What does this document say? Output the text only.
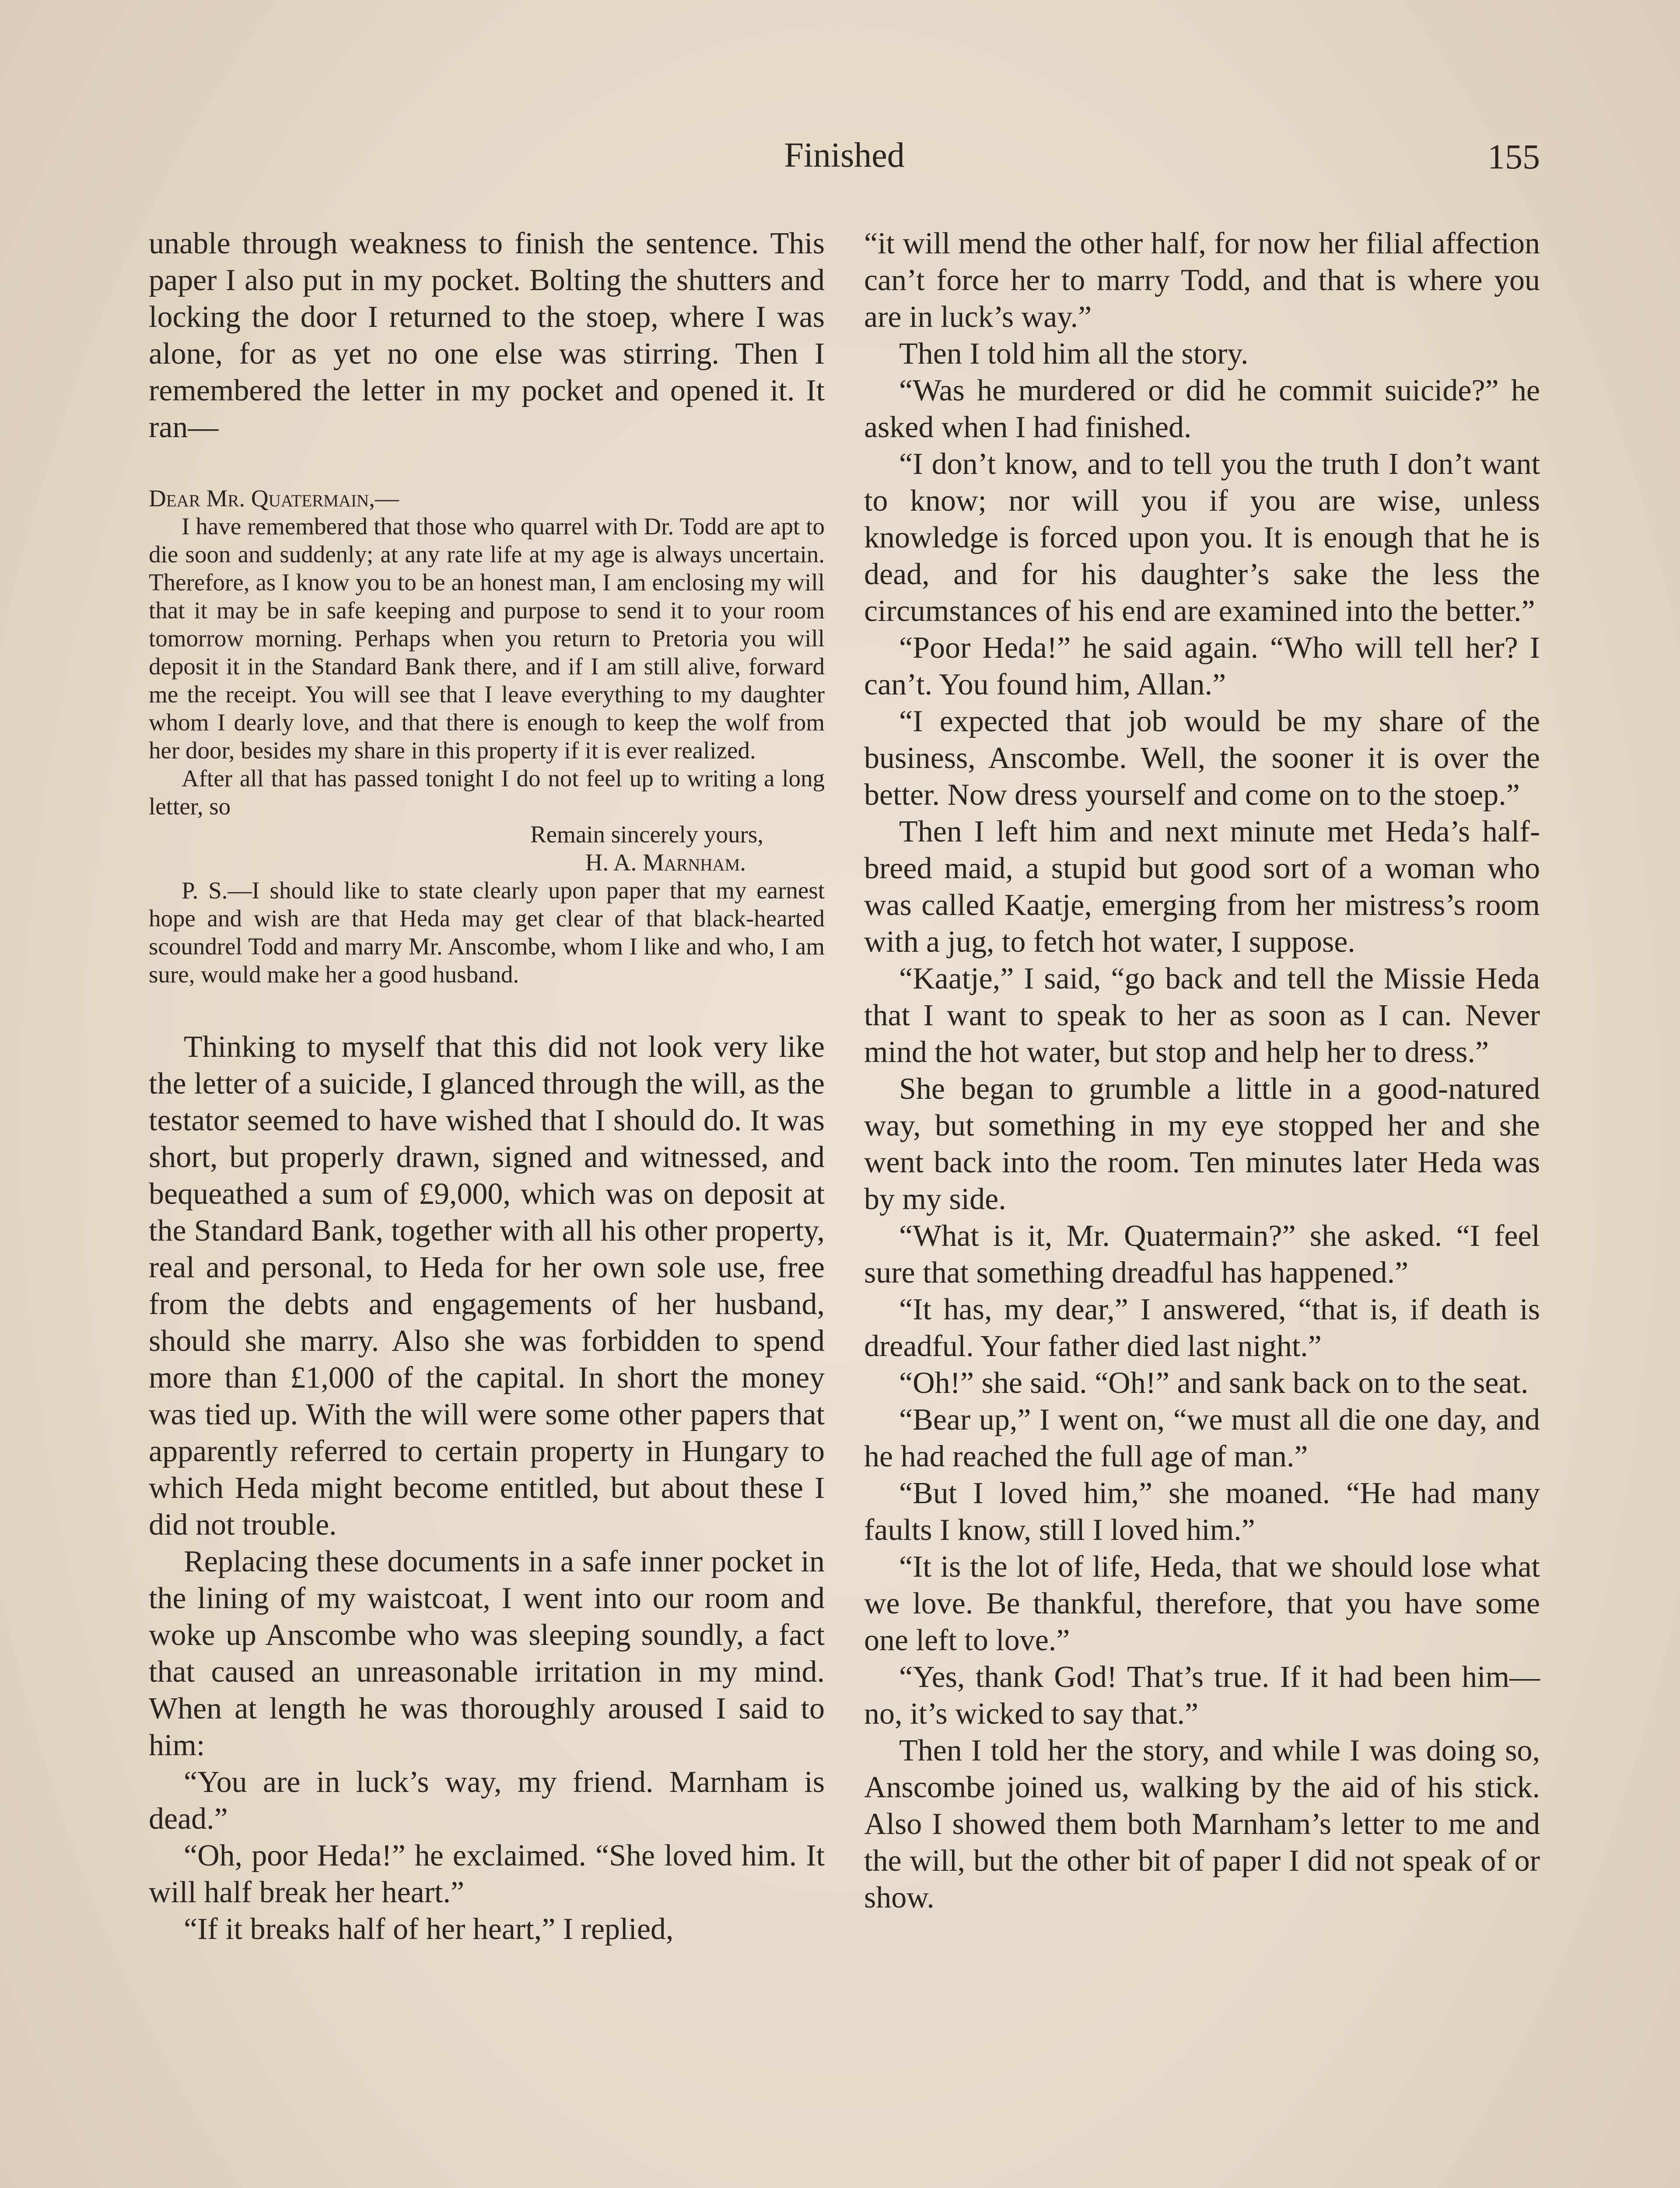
Finished	155

unable through weakness to finish the sentence. This paper I also put in my pocket. Bolting the shutters and locking the door I returned to the stoep, where I was alone, for as yet no one else was stirring. Then I remembered the letter in my pocket and opened it. It ran—

Dear Mr. Quatermain,—

I have remembered that those who quarrel with Dr. Todd are apt to die soon and suddenly; at any rate life at my age is always uncertain. Therefore, as I know you to be an honest man, I am enclosing my will that it may be in safe keeping and purpose to send it to your room tomorrow morning. Perhaps when you return to Pretoria you will deposit it in the Standard Bank there, and if I am still alive, forward me the receipt. You will see that I leave everything to my daughter whom I dearly love, and that there is enough to keep the wolf from her door, besides my share in this property if it is ever realized.

After all that has passed tonight I do not feel up to writing a long letter, so

Remain sincerely yours,

H. A. Marnham.

P. S.—I should like to state clearly upon paper that my earnest hope and wish are that Heda may get clear of that black-hearted scoundrel Todd and marry Mr. Anscombe, whom I like and who, I am sure, would make her a good husband.

Thinking to myself that this did not look very like the letter of a suicide, I glanced through the will, as the testator seemed to have wished that I should do. It was short, but properly drawn, signed and witnessed, and bequeathed a sum of £9,000, which was on deposit at the Standard Bank, together with all his other property, real and personal, to Heda for her own sole use, free from the debts and engagements of her husband, should she marry. Also she was forbidden to spend more than £1,000 of the capital. In short the money was tied up. With the will were some other papers that apparently referred to certain property in Hungary to which Heda might become entitled, but about these I did not trouble.

Replacing these documents in a safe inner pocket in the lining of my waistcoat, I went into our room and woke up Anscombe who was sleeping soundly, a fact that caused an unreasonable irritation in my mind. When at length he was thoroughly aroused I said to him:

“You are in luck’s way, my friend. Marnham is dead.”

“Oh, poor Heda!” he exclaimed. “She loved him. It will half break her heart.”

“If it breaks half of her heart,” I replied,

“it will mend the other half, for now her filial affection can’t force her to marry Todd, and that is where you are in luck’s way.”

Then I told him all the story.

“Was he murdered or did he commit suicide?” he asked when I had finished.

“I don’t know, and to tell you the truth I don’t want to know; nor will you if you are wise, unless knowledge is forced upon you. It is enough that he is dead, and for his daughter’s sake the less the circumstances of his end are examined into the better.”

“Poor Heda!” he said again. “Who will tell her? I can’t. You found him, Allan.”

“I expected that job would be my share of the business, Anscombe. Well, the sooner it is over the better. Now dress yourself and come on to the stoep.”

Then I left him and next minute met Heda’s half-breed maid, a stupid but good sort of a woman who was called Kaatje, emerging from her mistress’s room with a jug, to fetch hot water, I suppose.

“Kaatje,” I said, “go back and tell the Missie Heda that I want to speak to her as soon as I can. Never mind the hot water, but stop and help her to dress.”

She began to grumble a little in a good-natured way, but something in my eye stopped her and she went back into the room. Ten minutes later Heda was by my side.

“What is it, Mr. Quatermain?” she asked. “I feel sure that something dreadful has happened.”

“It has, my dear,” I answered, “that is, if death is dreadful. Your father died last night.”

“Oh!” she said. “Oh!” and sank back on to the seat.

“Bear up,” I went on, “we must all die one day, and he had reached the full age of man.”

“But I loved him,” she moaned. “He had many faults I know, still I loved him.”

“It is the lot of life, Heda, that we should lose what we love. Be thankful, therefore, that you have some one left to love.”

“Yes, thank God! That’s true. If it had been him—no, it’s wicked to say that.”

Then I told her the story, and while I was doing so, Anscombe joined us, walking by the aid of his stick. Also I showed them both Marnham’s letter to me and the will, but the other bit of paper I did not speak of or show.
